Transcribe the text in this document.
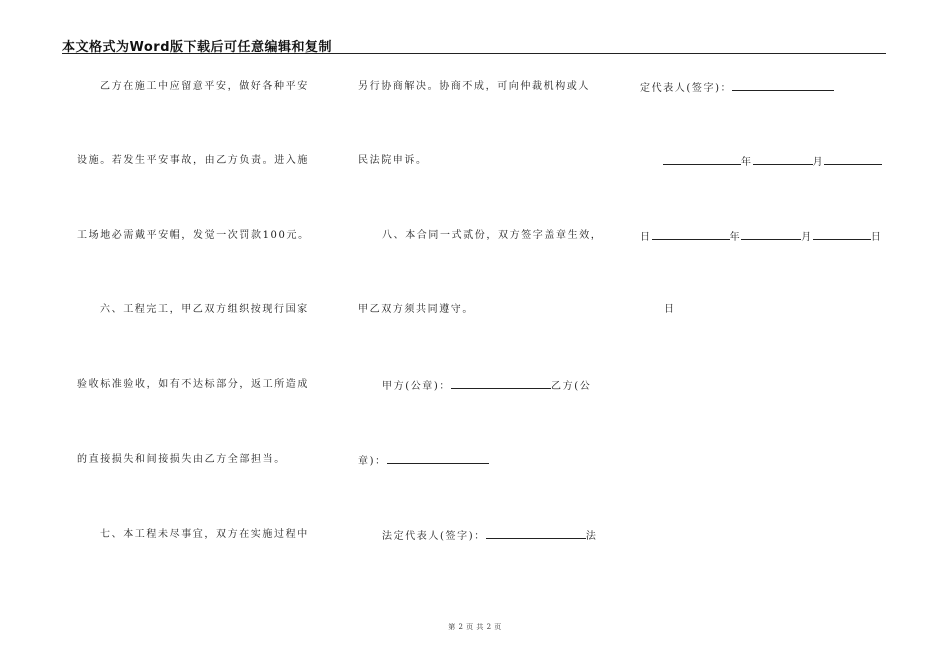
本文格式为Word版下载后可任意编辑和复制
乙方在施工中应留意平安，做好各种平安
设施。若发生平安事故，由乙方负责。进入施
工场地必需戴平安帽，发觉一次罚款100元。
六、工程完工，甲乙双方组织按现行国家
验收标准验收，如有不达标部分，返工所造成
的直接损失和间接损失由乙方全部担当。
七、本工程未尽事宜，双方在实施过程中
另行协商解决。协商不成，可向仲裁机构或人
民法院申诉。
八、本合同一式贰份，双方签字盖章生效，
甲乙双方须共同遵守。
甲方(公章)：	乙方(公
章)：
法定代表人(签字)：	法
定代表人(签字)：
年	月
日	年	月	日
日
第 2 页 共 2 页
